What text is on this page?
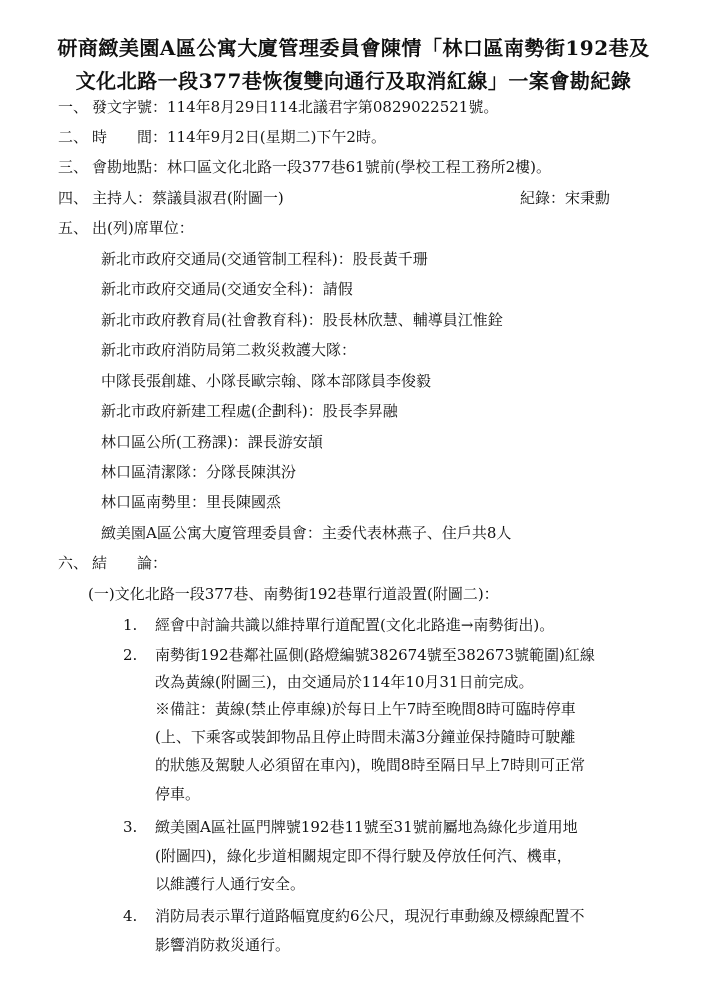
研商緻美園A區公寓大廈管理委員會陳情「林口區南勢街192巷及
文化北路一段377巷恢復雙向通行及取消紅線」一案會勘紀錄
一、 發文字號：114年8月29日114北議君字第0829022521號。
二、 時　　間：114年9月2日(星期二)下午2時。
三、 會勘地點：林口區文化北路一段377巷61號前(學校工程工務所2樓)。
四、 主持人：蔡議員淑君(附圖一)	紀錄：宋秉勳
五、 出(列)席單位：
新北市政府交通局(交通管制工程科)：股長黃千珊
新北市政府交通局(交通安全科)：請假
新北市政府教育局(社會教育科)：股長林欣慧、輔導員江惟銓
新北市政府消防局第二救災救護大隊：
中隊長張創雄、小隊長歐宗翰、隊本部隊員李俊毅
新北市政府新建工程處(企劃科)：股長李昇融
林口區公所(工務課)：課長游安頡
林口區清潔隊：分隊長陳淇汾
林口區南勢里：里長陳國烝
緻美園A區公寓大廈管理委員會：主委代表林燕子、住戶共8人
六、 結　　論：
(一)文化北路一段377巷、南勢街192巷單行道設置(附圖二)：
1. 經會中討論共識以維持單行道配置(文化北路進→南勢街出)。
2. 南勢街192巷鄰社區側(路燈編號382674號至382673號範圍)紅線
改為黃線(附圖三)，由交通局於114年10月31日前完成。
※備註：黃線(禁止停車線)於每日上午7時至晚間8時可臨時停車
(上、下乘客或裝卸物品且停止時間未滿3分鐘並保持隨時可駛離
的狀態及駕駛人必須留在車內)，晚間8時至隔日早上7時則可正常
停車。
3. 緻美園A區社區門牌號192巷11號至31號前屬地為綠化步道用地
(附圖四)，綠化步道相關規定即不得行駛及停放任何汽、機車，
以維護行人通行安全。
4. 消防局表示單行道路幅寬度約6公尺，現況行車動線及標線配置不
影響消防救災通行。
